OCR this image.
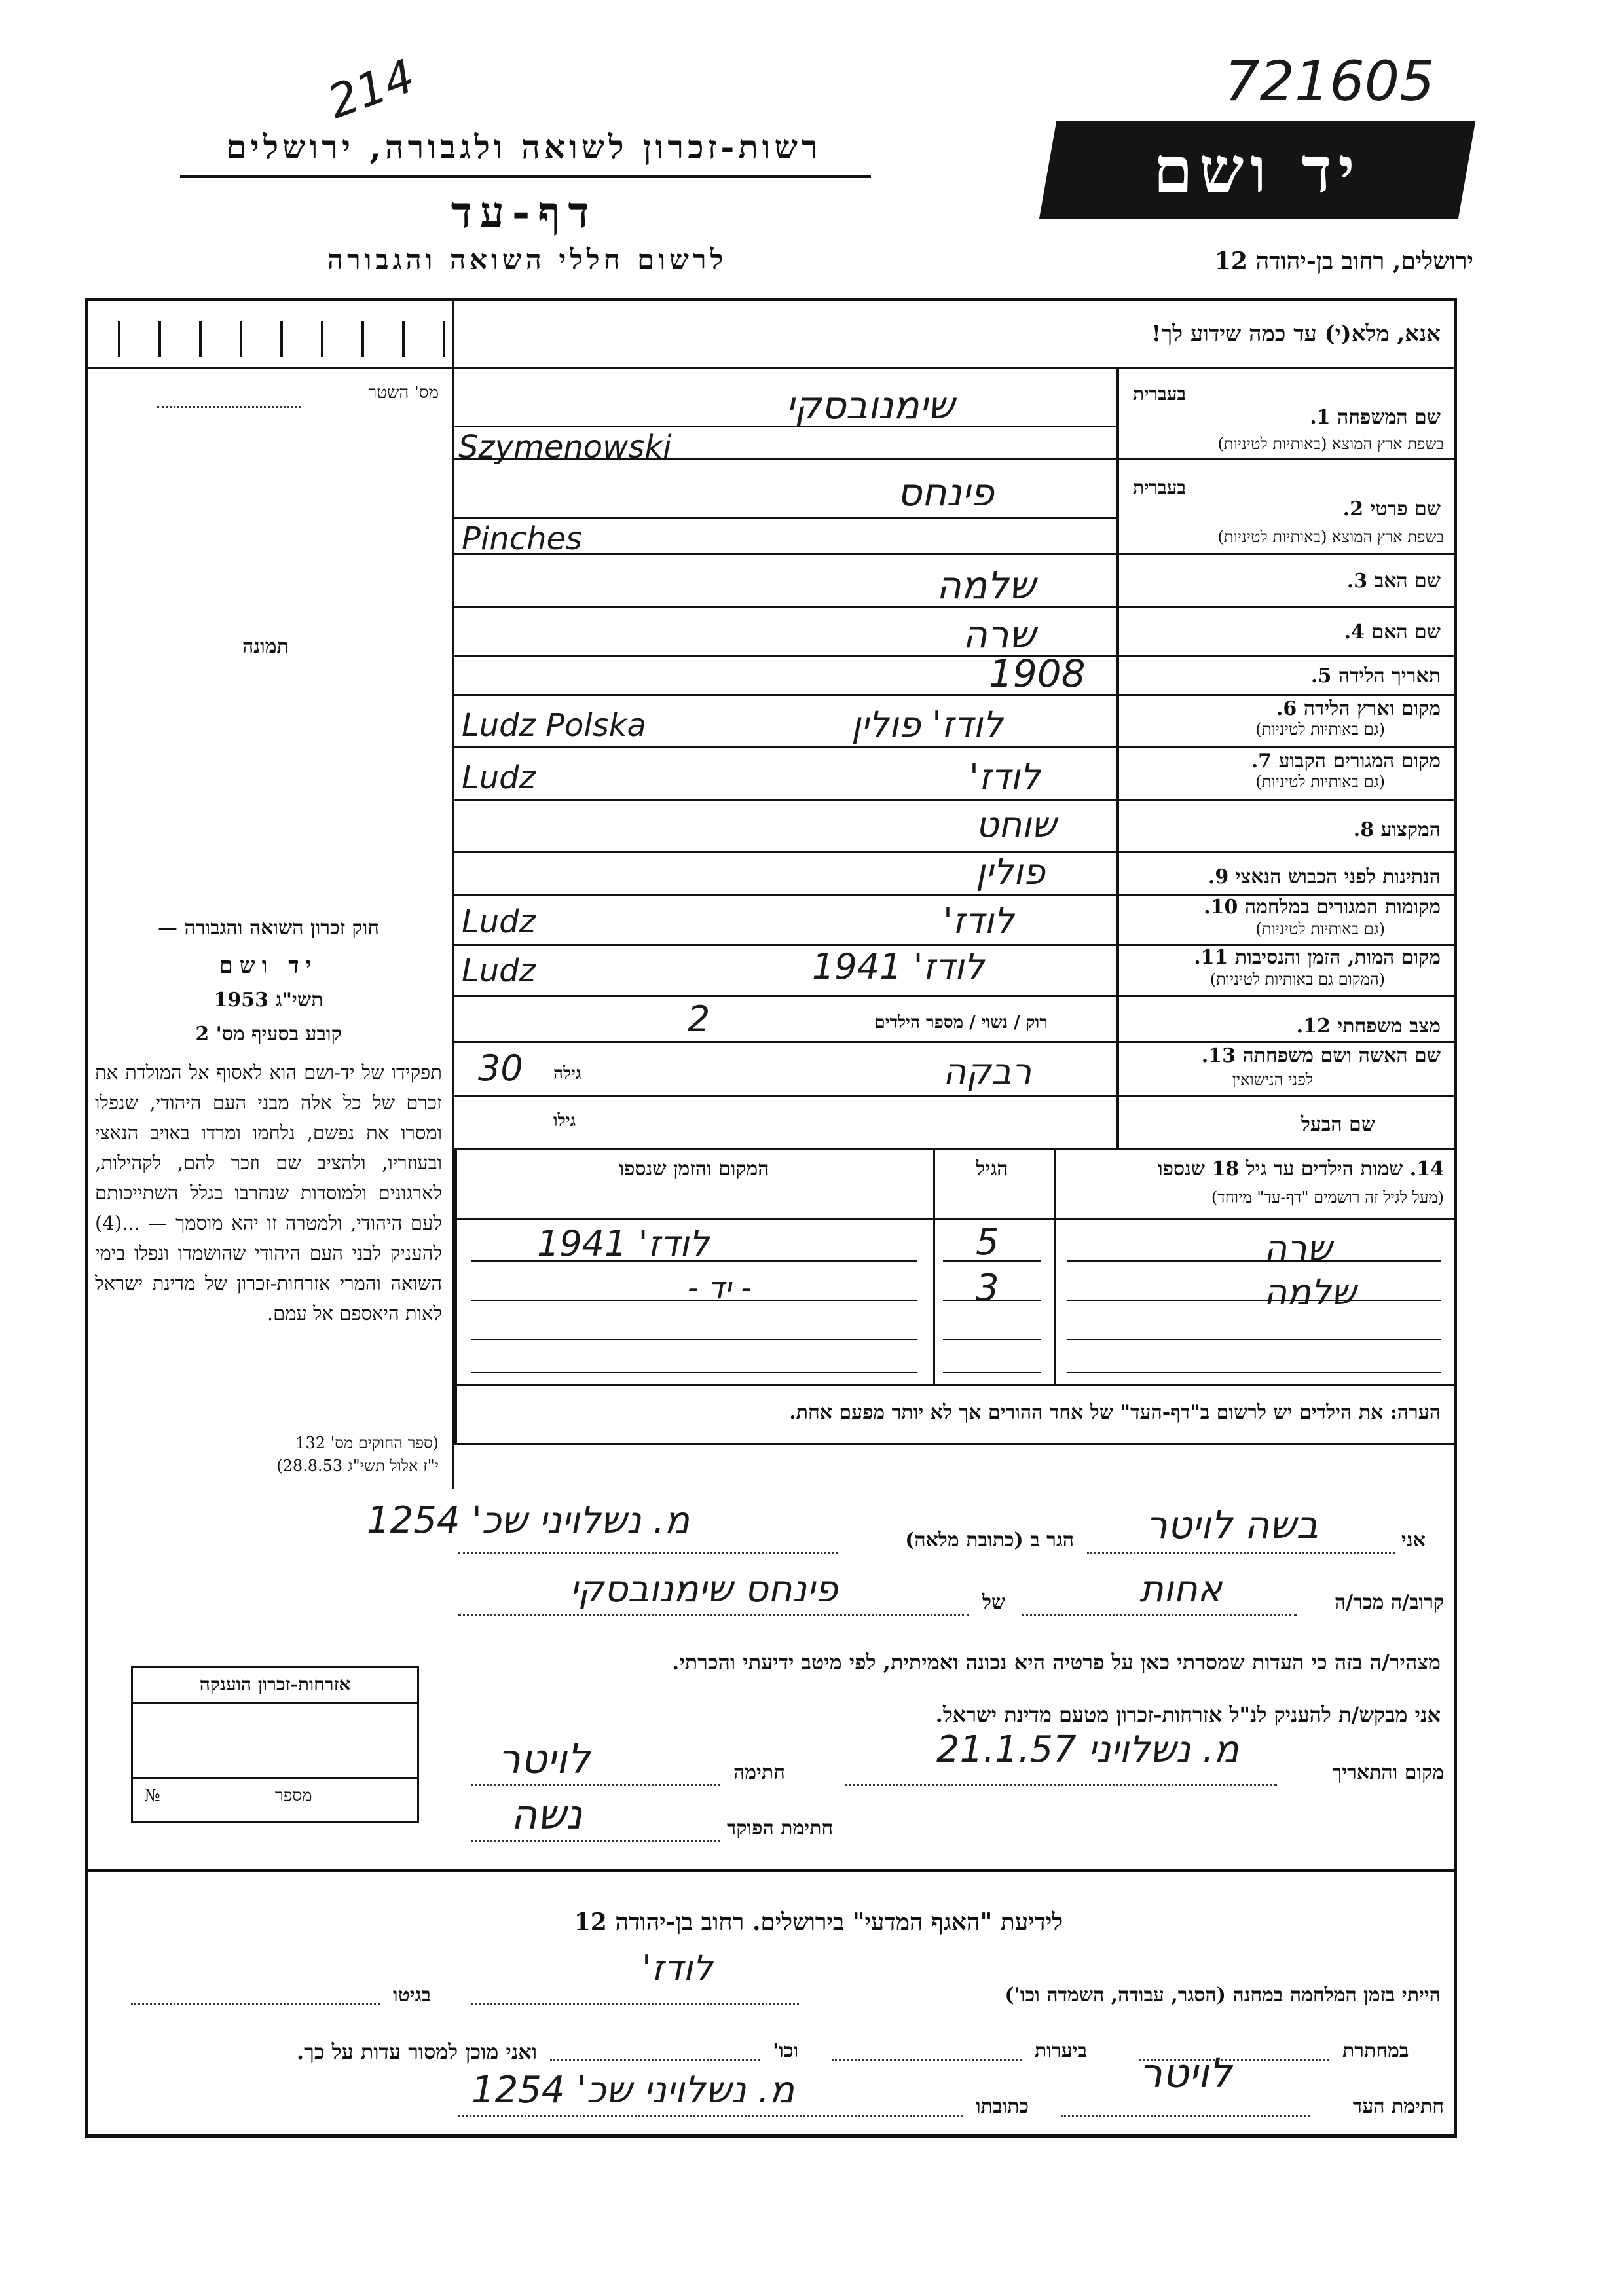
214	721605
רשות-זכרון לשואה ולגבורה, ירושלים
דף-עד
לרשום חללי השואה והגבורה
יד ושם
ירושלים, רחוב בן-יהודה 12
אנא, מלא(י) עד כמה שידוע לך!
מס' השטר
תמונה
בעברית
שם המשפחה 1.
בשפת ארץ המוצא (באותיות לטיניות)
בעברית
שם פרטי 2.
בשפת ארץ המוצא (באותיות לטיניות)
שם האב 3.
שם האם 4.
תאריך הלידה 5.
מקום וארץ הלידה 6.
(גם באותיות לטיניות)
מקום המגורים הקבוע 7.
(גם באותיות לטיניות)
המקצוע 8.
הנתינות לפני הכבוש הנאצי 9.
מקומות המגורים במלחמה 10.
(גם באותיות לטיניות)
מקום המות, הזמן והנסיבות 11.
(המקום גם באותיות לטיניות)
מצב משפחתי 12.
רוק / נשוי / מספר הילדים
שם האשה ושם משפחתה 13.
לפני הנישואין
גילה
שם הבעל
גילו
שימנובסקי
Szymenowski
פינחס
Pinches
שלמה
שרה
1908
לודז' פולין
Ludz Polska
לודז'
Ludz
שוחט
פולין
לודז'
Ludz
לודז' 1941
Ludz
2
רבקה
30
חוק זכרון השואה והגבורה —
יד ושם
תשי"ג 1953
קובע בסעיף מס' 2
תפקידו של יד-ושם הוא לאסוף אל המולדת את זכרם של כל אלה מבני העם היהודי, שנפלו ומסרו את נפשם, נלחמו ומרדו באויב הנאצי ובעוזריו, ולהציב שם וזכר להם, לקהילות, לארגונים ולמוסדות שנחרבו בגלל השתייכותם לעם היהודי, ולמטרה זו יהא מוסמך — ...(4) להעניק לבני העם היהודי שהושמדו ונפלו בימי השואה והמרי אזרחות-זכרון של מדינת ישראל לאות היאספם אל עמם.
(ספר החוקים מס' 132
י"ז אלול תשי"ג 28.8.53)
14. שמות הילדים עד גיל 18 שנספו
(מעל לגיל זה רושמים "דף-עד" מיוחד)
הגיל
המקום והזמן שנספו
שרה
5
לודז' 1941
שלמה
3
- יד -
הערה: את הילדים יש לרשום ב"דף-העד" של אחד ההורים אך לא יותר מפעם אחת.
אני
בשה לויטר
הגר ב (כתובת מלאה)
מ. נשלויני שכ' 1254
קרוב/ה מכר/ה
אחות
של
פינחס שימנובסקי
מצהיר/ה בזה כי העדות שמסרתי כאן על פרטיה היא נכונה ואמיתית, לפי מיטב ידיעתי והכרתי.
אני מבקש/ת להעניק לנ"ל אזרחות-זכרון מטעם מדינת ישראל.
מקום והתאריך
מ. נשלויני 21.1.57
חתימה
לויטר
חתימת הפוקד
נשה
אזרחות-זכרון הוענקה
מספר
№
לידיעת "האגף המדעי" בירושלים. רחוב בן-יהודה 12
הייתי בזמן המלחמה במחנה (הסגר, עבודה, השמדה וכו')
לודז'
בגיטו
במחתרת
ביערות
וכו'
ואני מוכן למסור עדות על כך.
חתימת העד
לויטר
כתובתו
מ. נשלויני שכ' 1254
